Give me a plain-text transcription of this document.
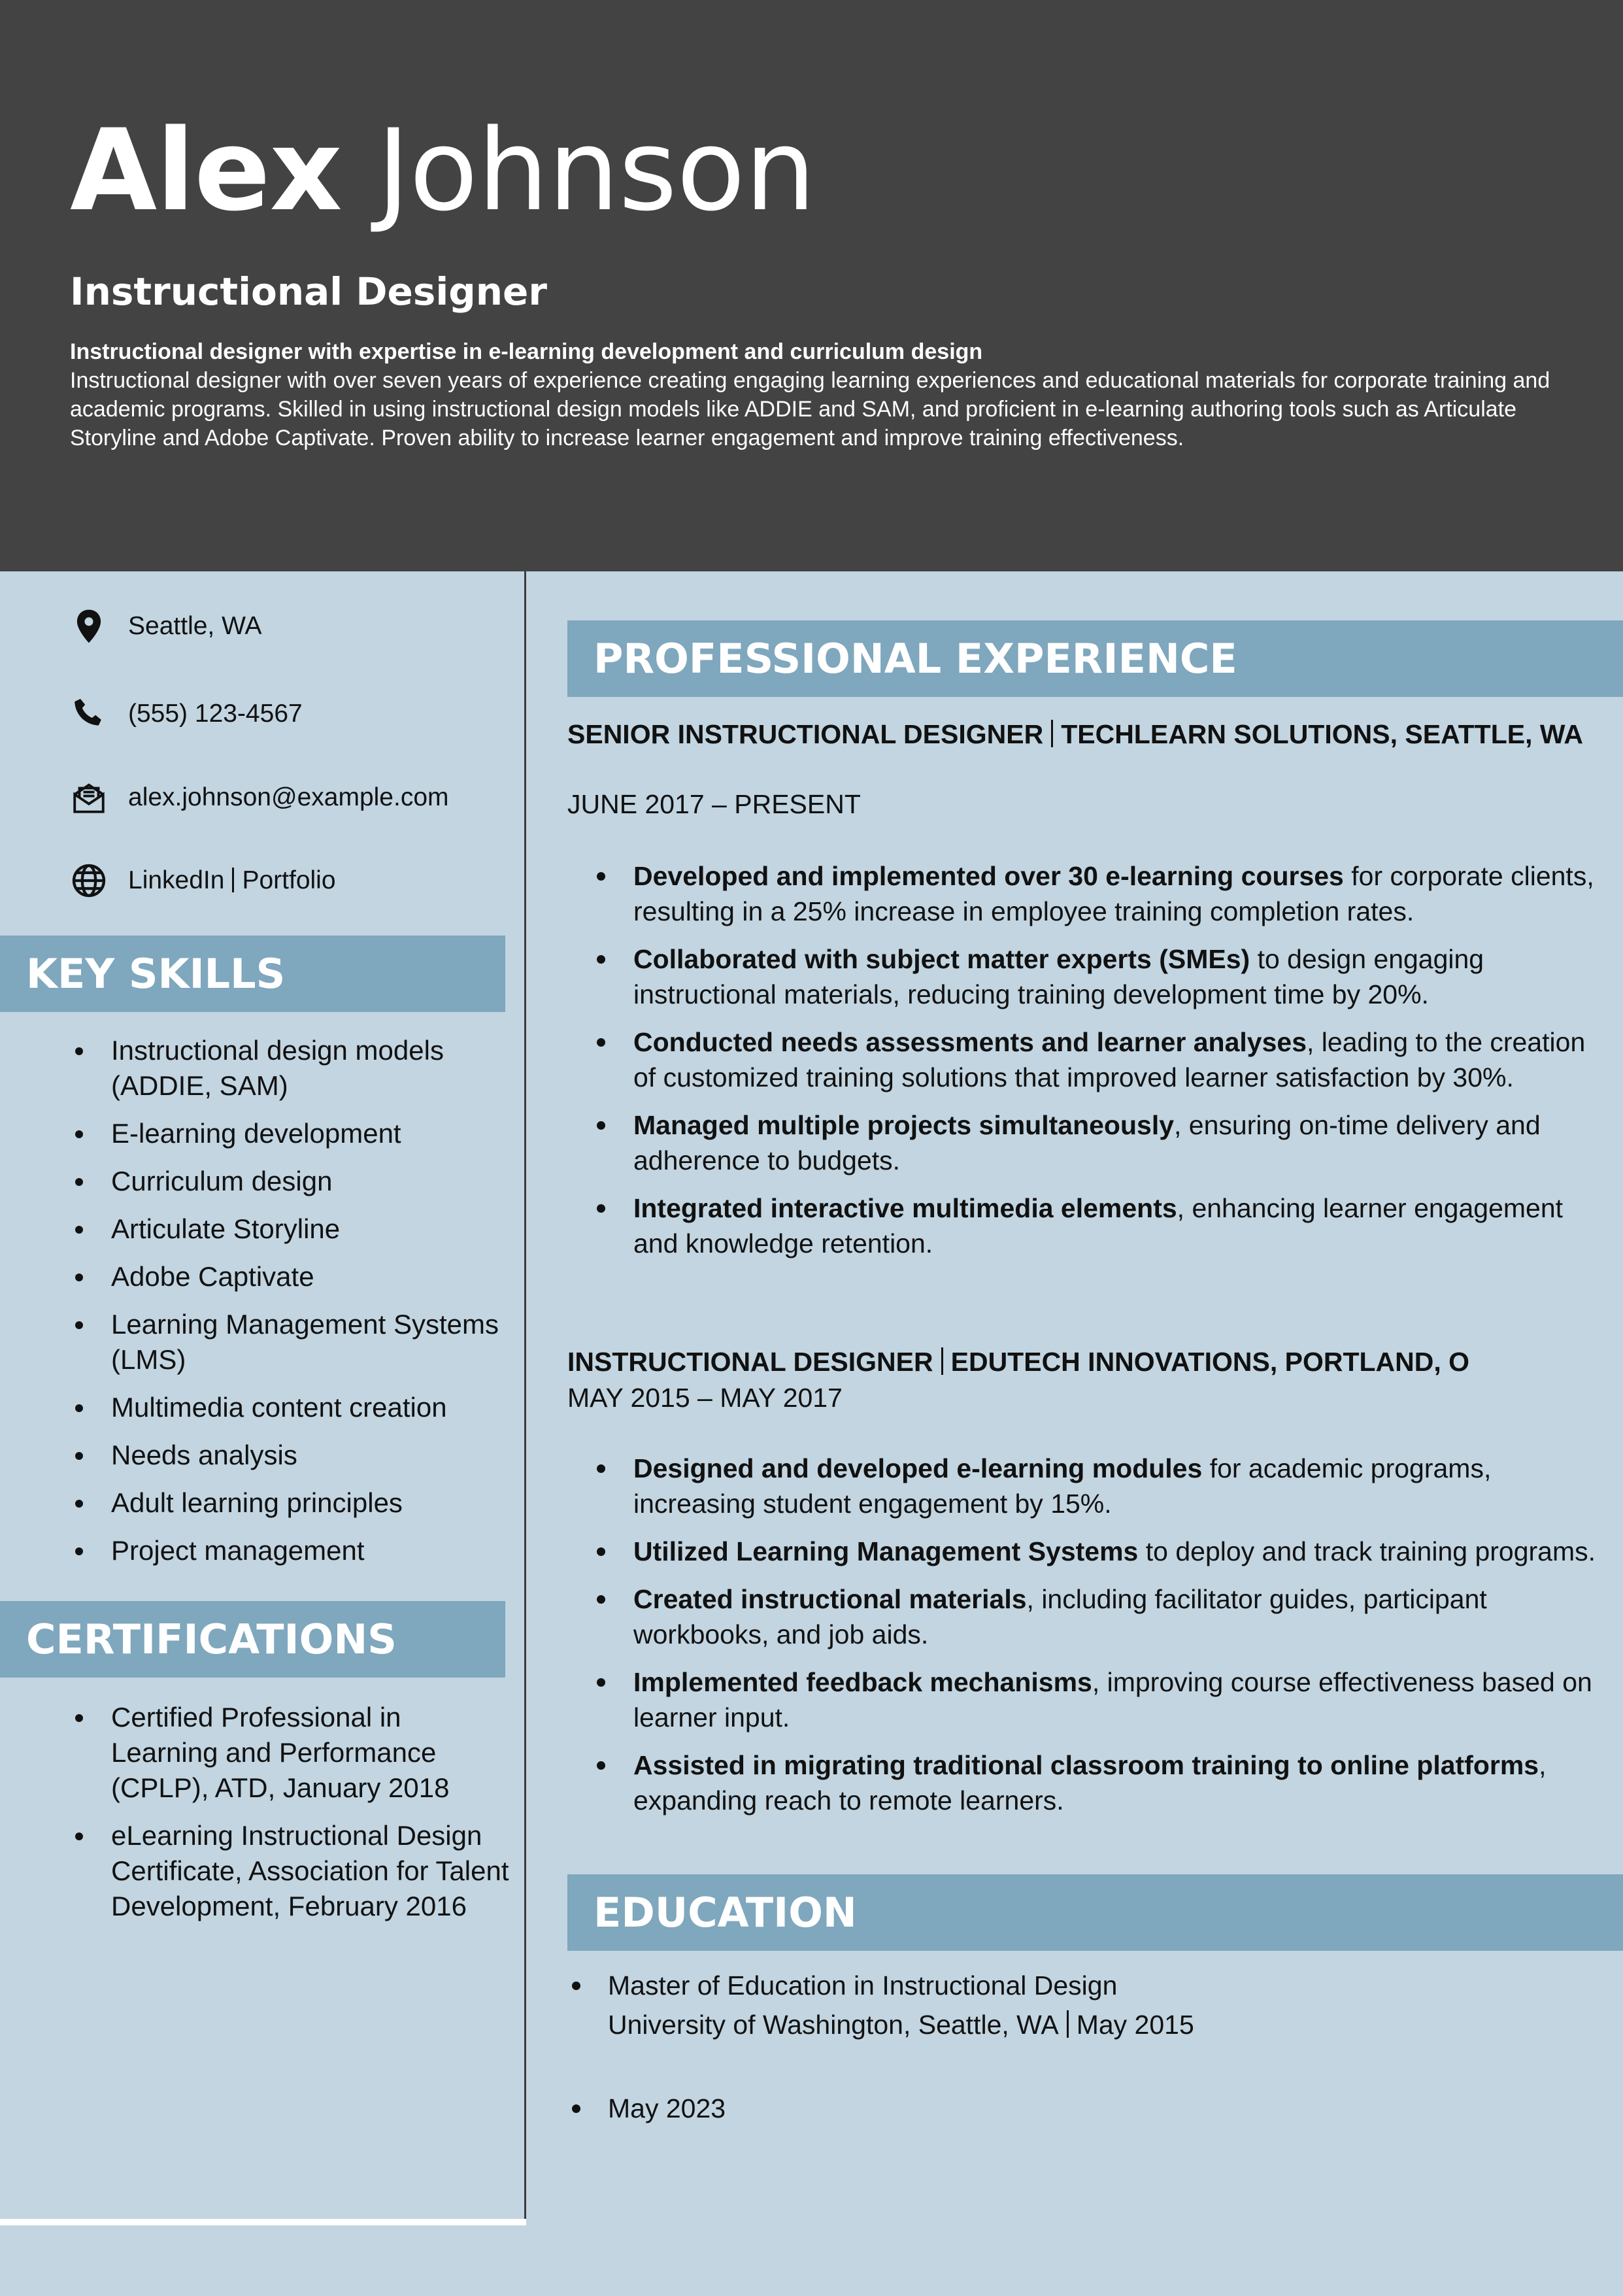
Alex Johnson
Instructional Designer
Instructional designer with expertise in e-learning development and curriculum design
Instructional designer with over seven years of experience creating engaging learning experiences and educational materials for corporate training and academic programs. Skilled in using instructional design models like ADDIE and SAM, and proficient in e-learning authoring tools such as Articulate Storyline and Adobe Captivate. Proven ability to increase learner engagement and improve training effectiveness.
Seattle, WA
(555) 123-4567
alex.johnson@example.com
LinkedIn Portfolio
KEY SKILLS
Instructional design models (ADDIE, SAM)
E-learning development
Curriculum design
Articulate Storyline
Adobe Captivate
Learning Management Systems (LMS)
Multimedia content creation
Needs analysis
Adult learning principles
Project management
CERTIFICATIONS
Certified Professional in Learning and Performance (CPLP), ATD, January 2018
eLearning Instructional Design Certificate, Association for Talent Development, February 2016
PROFESSIONAL EXPERIENCE
SENIOR INSTRUCTIONAL DESIGNER TECHLEARN SOLUTIONS, SEATTLE, WA
JUNE 2017 – PRESENT
Developed and implemented over 30 e-learning courses for corporate clients, resulting in a 25% increase in employee training completion rates.
Collaborated with subject matter experts (SMEs) to design engaging instructional materials, reducing training development time by 20%.
Conducted needs assessments and learner analyses, leading to the creation of customized training solutions that improved learner satisfaction by 30%.
Managed multiple projects simultaneously, ensuring on-time delivery and adherence to budgets.
Integrated interactive multimedia elements, enhancing learner engagement and knowledge retention.
INSTRUCTIONAL DESIGNER EDUTECH INNOVATIONS, PORTLAND, O
MAY 2015 – MAY 2017
Designed and developed e-learning modules for academic programs, increasing student engagement by 15%.
Utilized Learning Management Systems to deploy and track training programs.
Created instructional materials, including facilitator guides, participant workbooks, and job aids.
Implemented feedback mechanisms, improving course effectiveness based on learner input.
Assisted in migrating traditional classroom training to online platforms, expanding reach to remote learners.
EDUCATION
Master of Education in Instructional Design
University of Washington, Seattle, WA May 2015
May 2023
